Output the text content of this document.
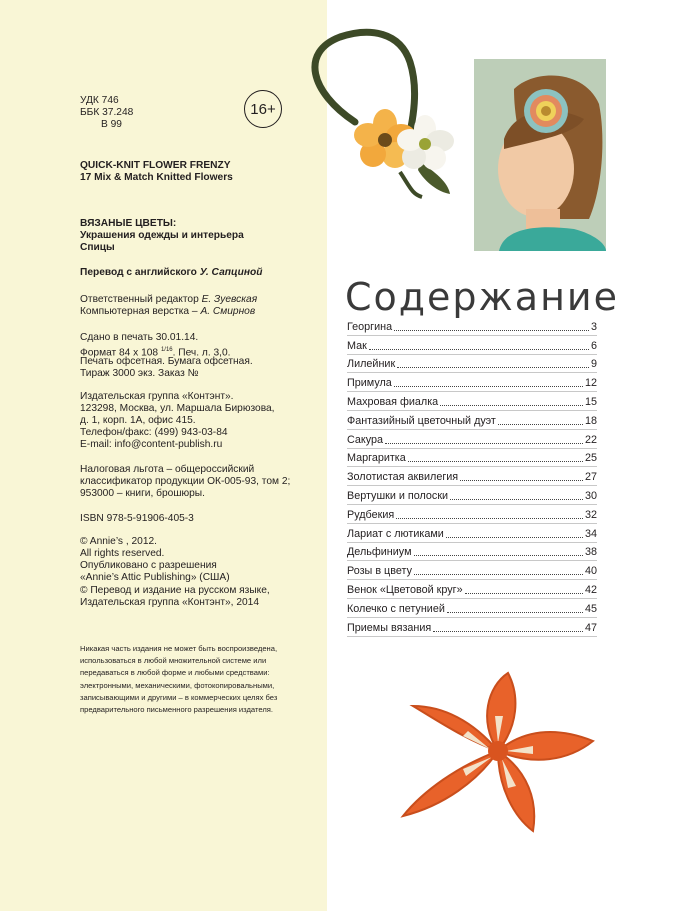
УДК 746

ББК 37.248

В 99

16+

QUICK-KNIT FLOWER FRENZY

17 Mix & Match Knitted Flowers

ВЯЗАНЫЕ ЦВЕТЫ:

Украшения одежды и интерьера

Спицы

Перевод с английского У. Сапциной

Ответственный редактор Е. Зуевская

Компьютерная верстка – А. Смирнов

Сдано в печать 30.01.14.

Формат 84 х 108 $^{1/16}$. Печ. л. 3,0.

Печать офсетная. Бумага офсетная.

Тираж 3000 экз. Заказ №

Издательская группа «Контэнт».

123298, Москва, ул. Маршала Бирюзова,

д. 1, корп. 1А, офис 415.

Телефон/факс: (499) 943-03-84

E-mail: info@content-publish.ru

Налоговая льгота – общероссийский

классификатор продукции ОК-005-93, том 2;

953000 – книги, брошюры.

ISBN 978-5-91906-405-3

© Annie’s , 2012.

All rights reserved.

Опубликовано с разрешения

«Annie’s Attic Publishing» (США)

© Перевод и издание на русском языке,

Издательская группа «Контэнт», 2014

Никакая часть издания не может быть воспроизведена,
использоваться в любой множительной системе или
передаваться в любой форме и любыми средствами:
электронными, механическими, фотокопировальными,
записывающими и другими – в коммерческих целях без
предварительного письменного разрешения издателя.
Содержание
Георгина	3
Мак	6
Лилейник	9
Примула	12
Махровая фиалка	15
Фантазийный цветочный дуэт	18
Сакура	22
Маргаритка	25
Золотистая аквилегия	27
Вертушки и полоски	30
Рудбекия	32
Лариат с лютиками	34
Дельфиниум	38
Розы в цвету	40
Венок «Цветовой круг»	42
Колечко с петунией	45
Приемы вязания	47
